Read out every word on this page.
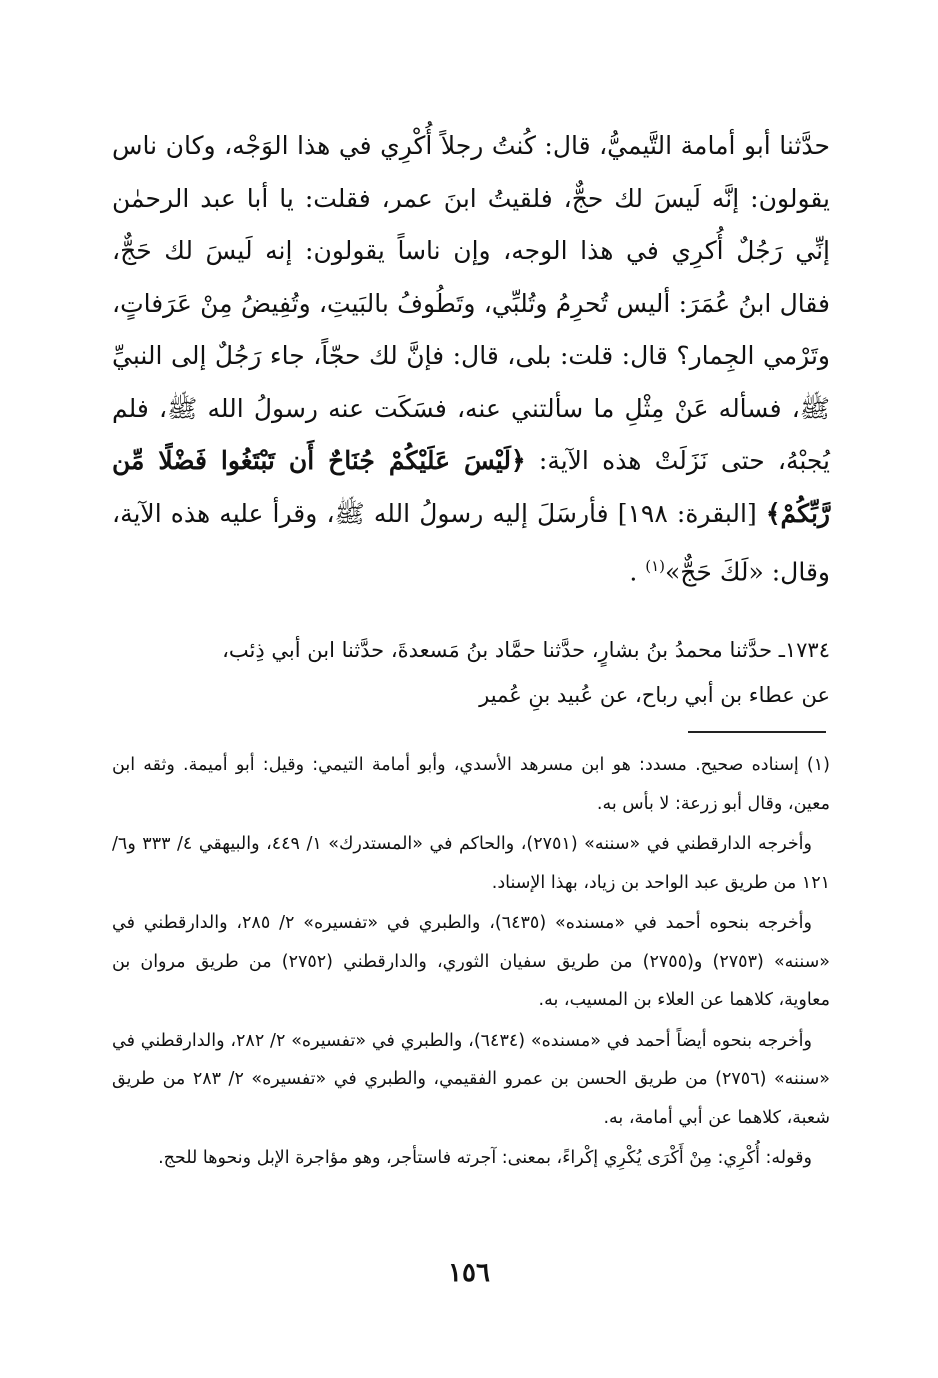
حدَّثنا أبو أمامة التَّيميُّ، قال: كُنتُ رجلاً أُكْرِي في هذا الوَجْه، وكان ناس يقولون: إنَّه لَيسَ لك حجٌّ، فلقيتُ ابنَ عمر، فقلت: يا أبا عبد الرحمٰن إنِّي رَجُلٌ أُكرِي في هذا الوجه، وإن ناساً يقولون: إنه لَيسَ لك حَجٌّ، فقال ابنُ عُمَرَ: أليس تُحرِمُ وتُلبِّي، وتَطُوفُ بالبَيتِ، وتُفِيضُ مِنْ عَرَفاتٍ، وتَرْمي الجِمار؟ قال: قلت: بلى، قال: فإنَّ لك حجّاً، جاء رَجُلٌ إلى النبيِّ ﷺ، فسأله عَنْ مِثْلِ ما سألتني عنه، فسَكَت عنه رسولُ الله ﷺ، فلم يُجبْهُ، حتى نَزَلَتْ هذه الآية: ﴿لَيْسَ عَلَيْكُمْ جُنَاحٌ أَن تَبْتَغُوا فَضْلًا مِّن رَّبِّكُمْ﴾ [البقرة: ١٩٨] فأرسَلَ إليه رسولُ الله ﷺ، وقرأ عليه هذه الآية، وقال: «لَكَ حَجٌّ»$^{(١)}$ .

١٧٣٤ـ حدَّثنا محمدُ بنُ بشارٍ، حدَّثنا حمَّاد بنُ مَسعدةَ، حدَّثنا ابن أبي ذِئب،

عن عطاء بن أبي رباح، عن عُبيد بنِ عُمير

(١) إسناده صحيح. مسدد: هو ابن مسرهد الأسدي، وأبو أمامة التيمي: وقيل: أبو أميمة. وثقه ابن معين، وقال أبو زرعة: لا بأس به.

وأخرجه الدارقطني في «سننه» (٢٧٥١)، والحاكم في «المستدرك» ١/ ٤٤٩، والبيهقي ٤/ ٣٣٣ و٦/ ١٢١ من طريق عبد الواحد بن زياد، بهذا الإسناد.

وأخرجه بنحوه أحمد في «مسنده» (٦٤٣٥)، والطبري في «تفسيره» ٢/ ٢٨٥، والدارقطني في «سننه» (٢٧٥٣) و(٢٧٥٥) من طريق سفيان الثوري، والدارقطني (٢٧٥٢) من طريق مروان بن معاوية، كلاهما عن العلاء بن المسيب، به.

وأخرجه بنحوه أيضاً أحمد في «مسنده» (٦٤٣٤)، والطبري في «تفسيره» ٢/ ٢٨٢، والدارقطني في «سننه» (٢٧٥٦) من طريق الحسن بن عمرو الفقيمي، والطبري في «تفسيره» ٢/ ٢٨٣ من طريق شعبة، كلاهما عن أبي أمامة، به.

وقوله: أُكْرِي: مِنْ أَكْرَى يُكْرِي إكْراءً، بمعنى: آجرته فاستأجر، وهو مؤاجرة الإبل ونحوها للحج.

١٥٦
